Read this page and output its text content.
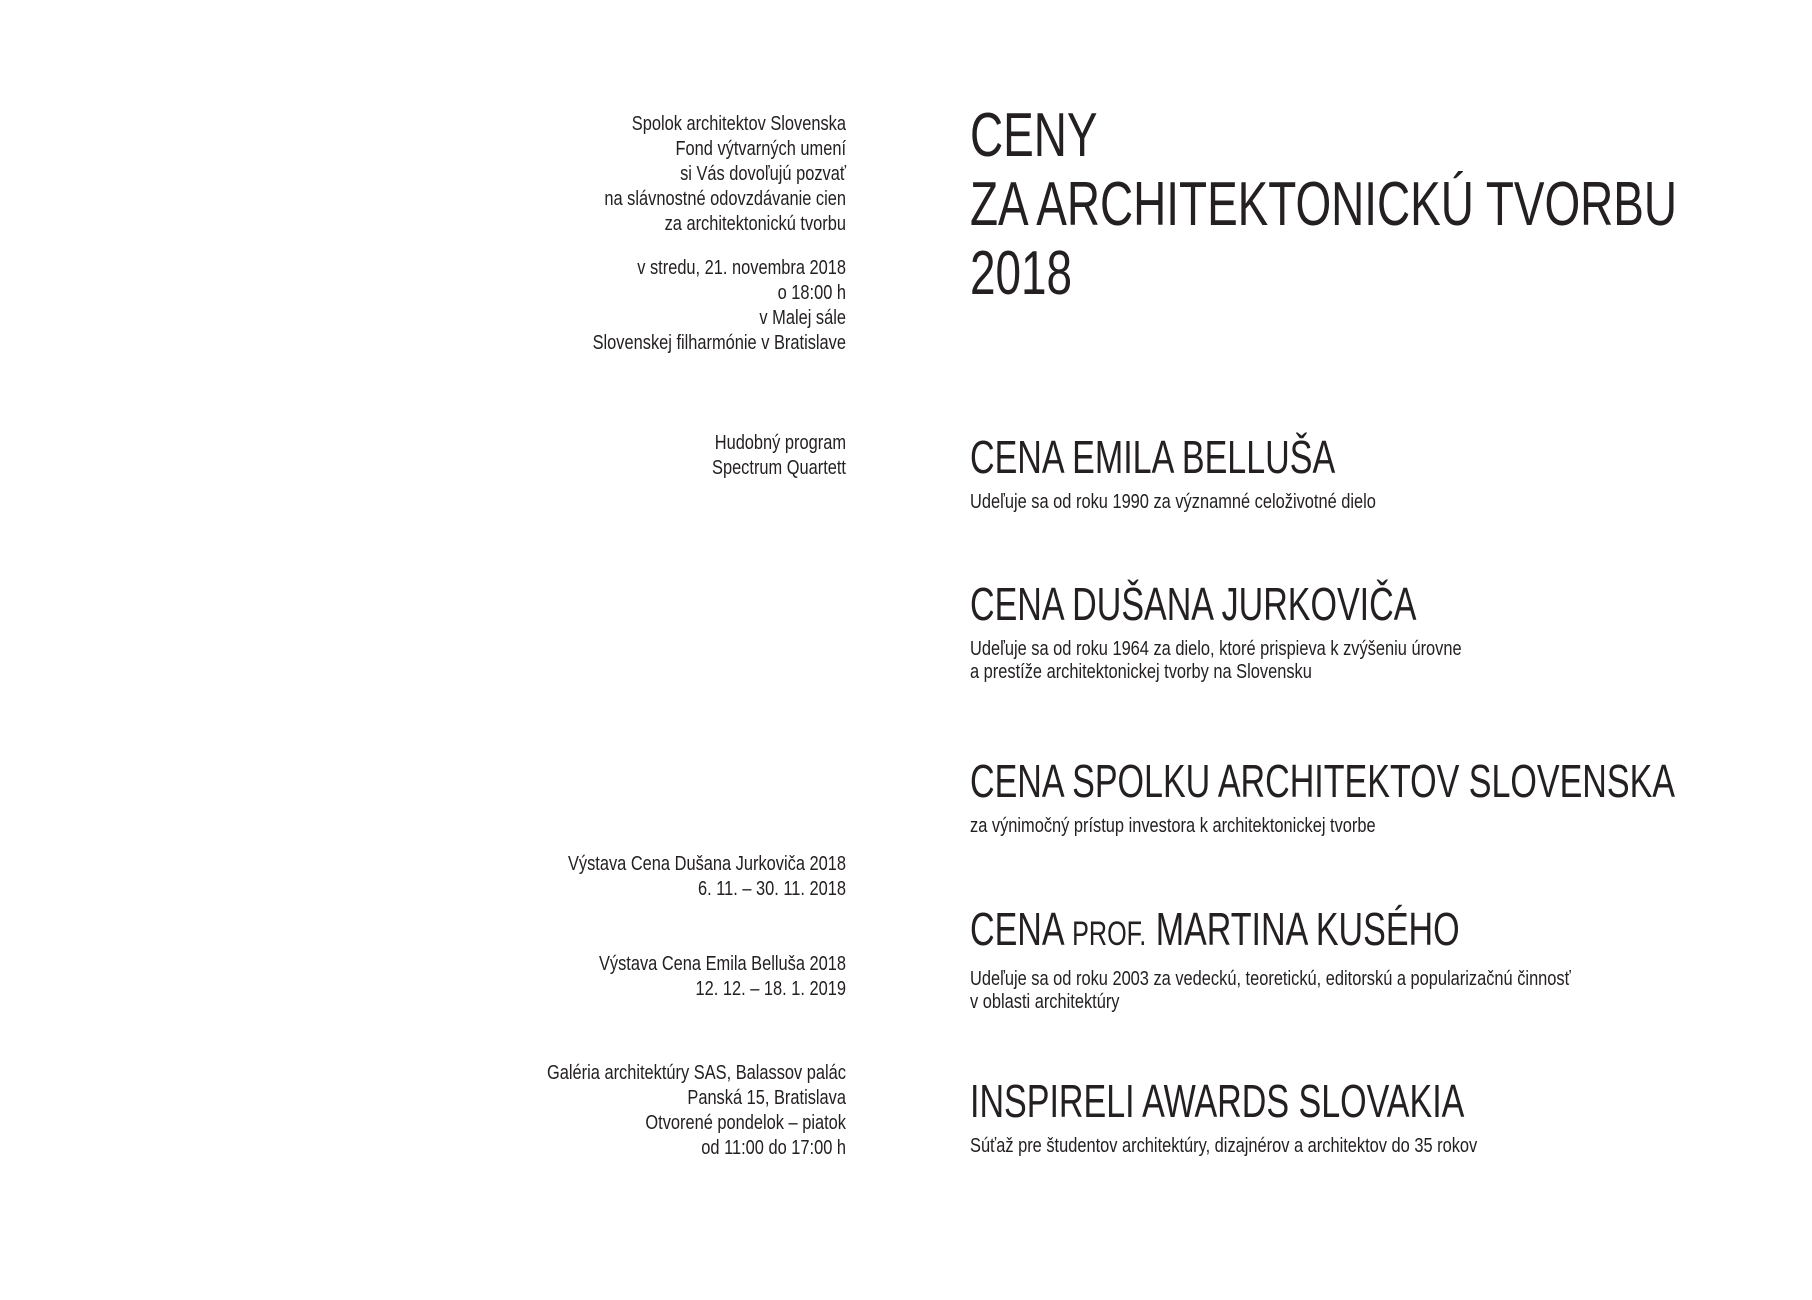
Spolok architektov Slovenska
Fond výtvarných umení
si Vás dovoľujú pozvať
na slávnostné odovzdávanie cien
za architektonickú tvorbu
v stredu, 21. novembra 2018
o 18:00 h
v Malej sále
Slovenskej filharmónie v Bratislave
Hudobný program
Spectrum Quartett
Výstava Cena Dušana Jurkoviča 2018
6. 11. – 30. 11. 2018
Výstava Cena Emila Belluša 2018
12. 12. – 18. 1. 2019
Galéria architektúry SAS, Balassov palác
Panská 15, Bratislava
Otvorené pondelok – piatok
od 11:00 do 17:00 h
CENY
ZA ARCHITEKTONICKÚ TVORBU
2018
CENA EMILA BELLUŠA
Udeľuje sa od roku 1990 za významné celoživotné dielo
CENA DUŠANA JURKOVIČA
Udeľuje sa od roku 1964 za dielo, ktoré prispieva k zvýšeniu úrovne
a prestíže architektonickej tvorby na Slovensku
CENA SPOLKU ARCHITEKTOV SLOVENSKA
za výnimočný prístup investora k architektonickej tvorbe
CENA PROF. MARTINA KUSÉHO
Udeľuje sa od roku 2003 za vedeckú, teoretickú, editorskú a popularizačnú činnosť
v oblasti architektúry
INSPIRELI AWARDS SLOVAKIA
Súťaž pre študentov architektúry, dizajnérov a architektov do 35 rokov
